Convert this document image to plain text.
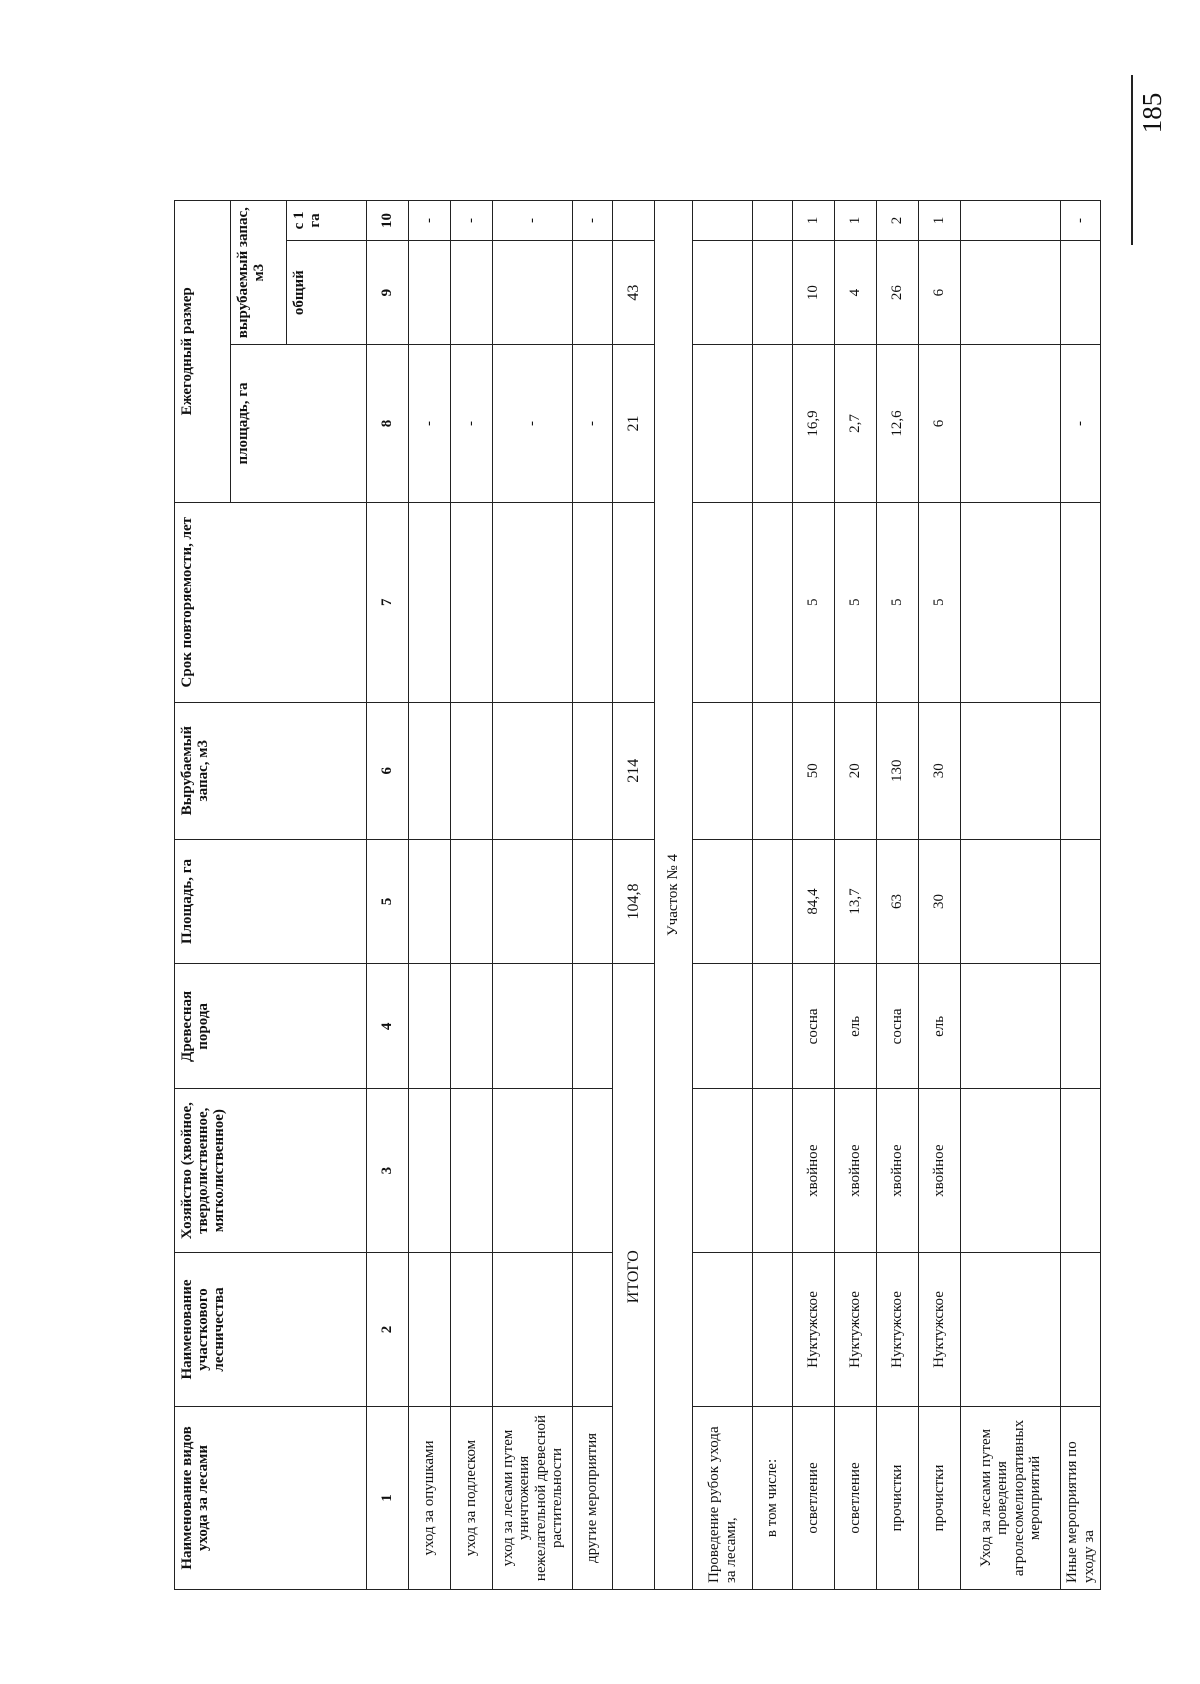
185
Наименование видов ухода за лесами	Наименование участкового лесничества	Хозяйство (хвойное, твердолиственное, мягколиственное)	Древесная порода	Площадь, га	Вырубаемый запас, м3	Срок повторяемости, лет	Ежегодный размер		
							площадь, га	вырубаемый запас, м3	
								общий	с 1 га
1	2	3	4	5	6	7	8	9	10
уход за опушками							-		-
уход за подлеском							-		-
уход за лесами путем уничтожения нежелательной древесной растительности							-		-
другие мероприятия							-		-
ИТОГО				104,8	214		21	43	
Участок № 4									
Проведение рубок ухода за лесами,									
в том числе:									
осветление	Нуктужское	хвойное	сосна	84,4	50	5	16,9	10	1
осветление	Нуктужское	хвойное	ель	13,7	20	5	2,7	4	1
прочистки	Нуктужское	хвойное	сосна	63	130	5	12,6	26	2
прочистки	Нуктужское	хвойное	ель	30	30	5	6	6	1
Уход за лесами путем проведения агролесомелиоративных мероприятий									
Иные мероприятия по уходу за							-		-
